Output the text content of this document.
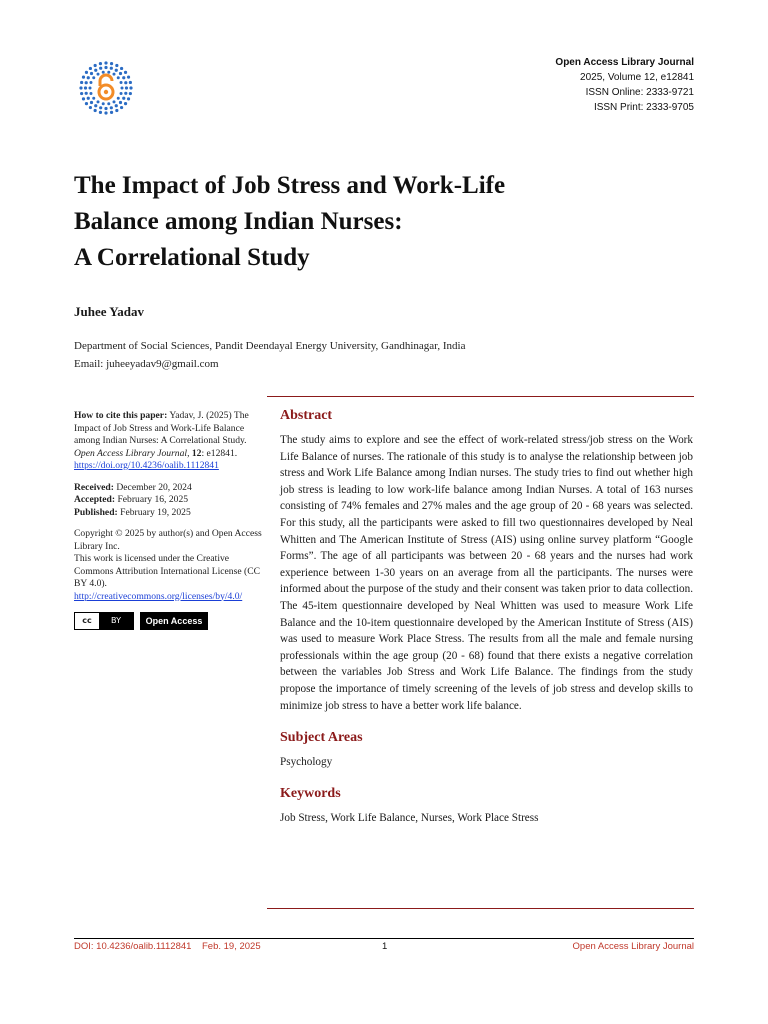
Open Access Library Journal
2025, Volume 12, e12841
ISSN Online: 2333-9721
ISSN Print: 2333-9705
The Impact of Job Stress and Work-Life
Balance among Indian Nurses:
A Correlational Study
Juhee Yadav
Department of Social Sciences, Pandit Deendayal Energy University, Gandhinagar, India
Email: juheeyadav9@gmail.com

How to cite this paper: Yadav, J. (2025) The Impact of Job Stress and Work-Life Balance among Indian Nurses: A Correlational Study. Open Access Library Journal, 12: e12841.
https://doi.org/10.4236/oalib.1112841

Received: December 20, 2024
Accepted: February 16, 2025
Published: February 19, 2025

Copyright © 2025 by author(s) and Open Access Library Inc.
This work is licensed under the Creative Commons Attribution International License (CC BY 4.0).
http://creativecommons.org/licenses/by/4.0/

cc	BY	Open Access
Abstract
The study aims to explore and see the effect of work-related stress/job stress on the Work Life Balance of nurses. The rationale of this study is to analyse the relationship between job stress and Work Life Balance among Indian nurses. The study tries to find out whether high job stress is leading to low work-life balance among Indian Nurses. A total of 163 nurses consisting of 74% females and 27% males and the age group of 20 - 68 years was selected. For this study, all the participants were asked to fill two questionnaires developed by Neal Whitten and The American Institute of Stress (AIS) using online survey platform “Google Forms”. The age of all participants was between 20 - 68 years and the nurses had work experience between 1-30 years on an average from all the participants. The nurses were informed about the purpose of the study and their consent was taken prior to data collection. The 45-item questionnaire developed by Neal Whitten was used to measure Work Life Balance and the 10-item questionnaire developed by the American Institute of Stress (AIS) was used to measure Work Place Stress. The results from all the male and female nursing professionals within the age group (20 - 68) found that there exists a negative correlation between the variables Job Stress and Work Life Balance. The findings from the study propose the importance of timely screening of the levels of job stress and develop skills to minimize job stress to have a better work life balance.
Subject Areas
Psychology
Keywords
Job Stress, Work Life Balance, Nurses, Work Place Stress
DOI: 10.4236/oalib.1112841    Feb. 19, 2025	1	Open Access Library Journal
